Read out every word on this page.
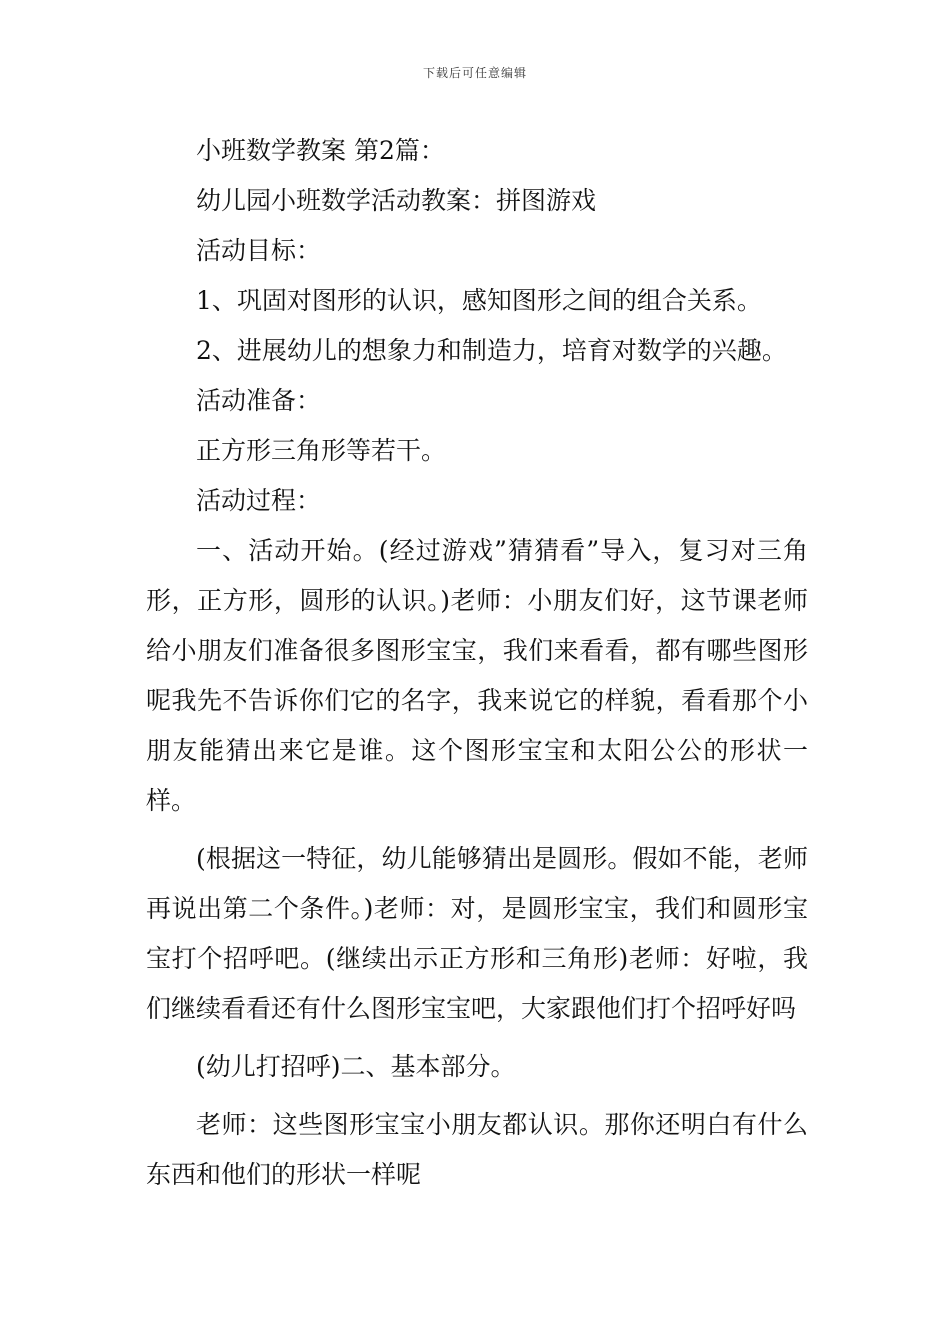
下载后可任意编辑

小班数学教案 第2篇：

幼儿园小班数学活动教案：拼图游戏

活动目标：

1、巩固对图形的认识，感知图形之间的组合关系。

2、进展幼儿的想象力和制造力，培育对数学的兴趣。

活动准备：

正方形三角形等若干。

活动过程：

一、活动开始。(经过游戏”猜猜看”导入，复习对三角形，正方形，圆形的认识。)老师：小朋友们好，这节课老师给小朋友们准备很多图形宝宝，我们来看看，都有哪些图形呢我先不告诉你们它的名字，我来说它的样貌，看看那个小朋友能猜出来它是谁。这个图形宝宝和太阳公公的形状一样。

(根据这一特征，幼儿能够猜出是圆形。假如不能，老师再说出第二个条件。)老师：对，是圆形宝宝，我们和圆形宝宝打个招呼吧。(继续出示正方形和三角形)老师：好啦，我们继续看看还有什么图形宝宝吧，大家跟他们打个招呼好吗

(幼儿打招呼)二、基本部分。

老师：这些图形宝宝小朋友都认识。那你还明白有什么东西和他们的形状一样呢
